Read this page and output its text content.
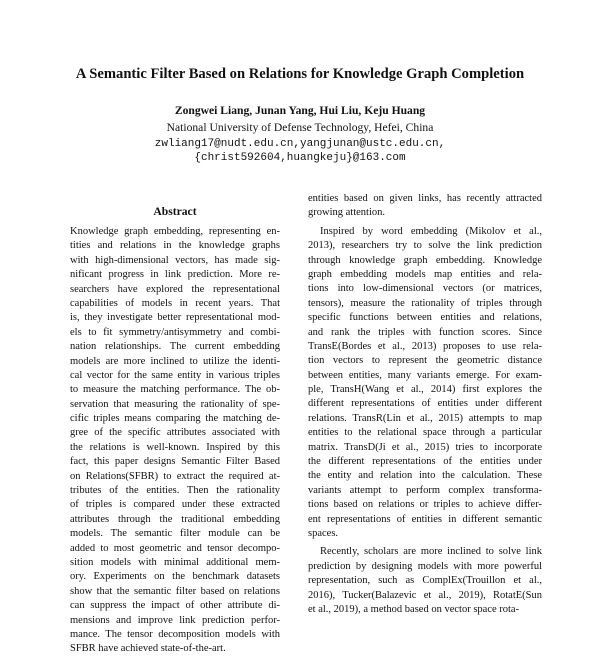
A Semantic Filter Based on Relations for Knowledge Graph Completion
Zongwei Liang, Junan Yang, Hui Liu, Keju Huang
National University of Defense Technology, Hefei, China
zwliang17@nudt.edu.cn,yangjunan@ustc.edu.cn,
{christ592604,huangkeju}@163.com
Abstract
Knowledge graph embedding, representing en-
tities and relations in the knowledge graphs
with high-dimensional vectors, has made sig-
nificant progress in link prediction. More re-
searchers have explored the representational
capabilities of models in recent years. That
is, they investigate better representational mod-
els to fit symmetry/antisymmetry and combi-
nation relationships. The current embedding
models are more inclined to utilize the identi-
cal vector for the same entity in various triples
to measure the matching performance. The ob-
servation that measuring the rationality of spe-
cific triples means comparing the matching de-
gree of the specific attributes associated with
the relations is well-known. Inspired by this
fact, this paper designs Semantic Filter Based
on Relations(SFBR) to extract the required at-
tributes of the entities. Then the rationality
of triples is compared under these extracted
attributes through the traditional embedding
models. The semantic filter module can be
added to most geometric and tensor decompo-
sition models with minimal additional mem-
ory. Experiments on the benchmark datasets
show that the semantic filter based on relations
can suppress the impact of other attribute di-
mensions and improve link prediction perfor-
mance. The tensor decomposition models with
SFBR have achieved state-of-the-art.
entities based on given links, has recently attracted
growing attention.
Inspired by word embedding (Mikolov et al.,
2013), researchers try to solve the link prediction
through knowledge graph embedding. Knowledge
graph embedding models map entities and rela-
tions into low-dimensional vectors (or matrices,
tensors), measure the rationality of triples through
specific functions between entities and relations,
and rank the triples with function scores. Since
TransE(Bordes et al., 2013) proposes to use rela-
tion vectors to represent the geometric distance
between entities, many variants emerge. For exam-
ple, TransH(Wang et al., 2014) first explores the
different representations of entities under different
relations. TransR(Lin et al., 2015) attempts to map
entities to the relational space through a particular
matrix. TransD(Ji et al., 2015) tries to incorporate
the different representations of the entities under
the entity and relation into the calculation. These
variants attempt to perform complex transforma-
tions based on relations or triples to achieve differ-
ent representations of entities in different semantic
spaces.
Recently, scholars are more inclined to solve link
prediction by designing models with more powerful
representation, such as ComplEx(Trouillon et al.,
2016), Tucker(Balazevic et al., 2019), RotatE(Sun
et al., 2019), a method based on vector space rota-
